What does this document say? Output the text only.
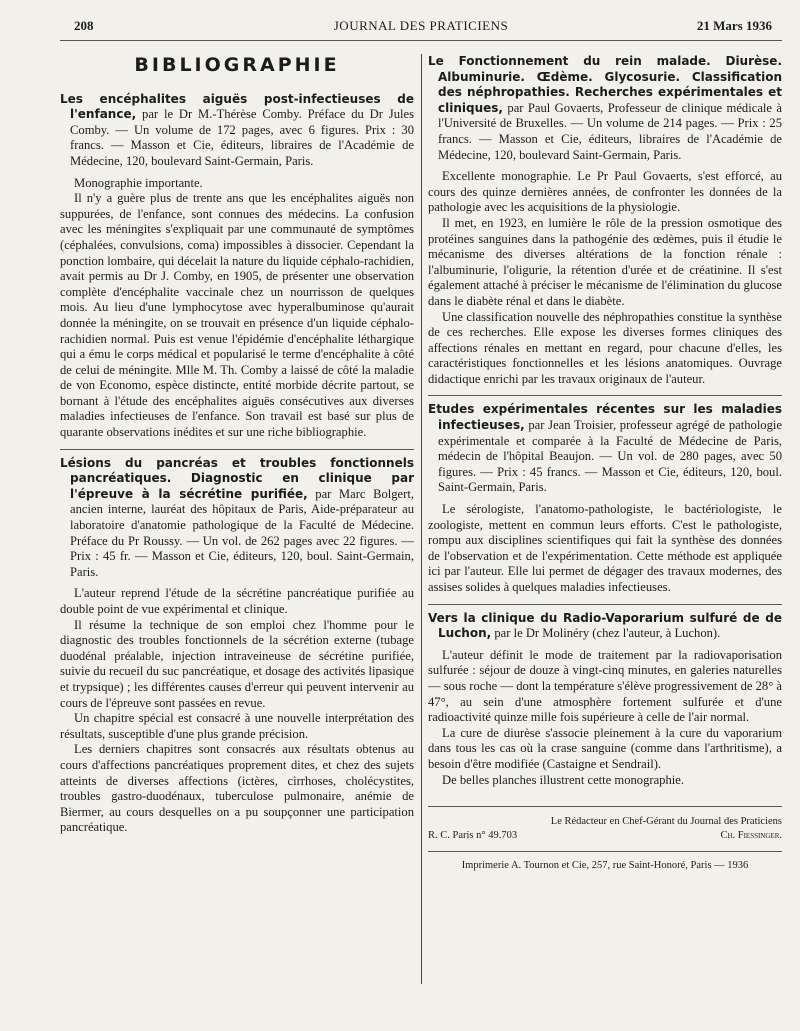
208	JOURNAL DES PRATICIENS	21 Mars 1936
BIBLIOGRAPHIE
Les encéphalites aiguës post-infectieuses de l'enfance, par le Dr M.-Thérèse Comby. Préface du Dr Jules Comby. — Un volume de 172 pages, avec 6 figures. Prix : 30 francs. — Masson et Cie, éditeurs, libraires de l'Académie de Médecine, 120, boulevard Saint-Germain, Paris.

Monographie importante.

Il n'y a guère plus de trente ans que les encéphalites aiguës non suppurées, de l'enfance, sont connues des médecins. La confusion avec les méningites s'expliquait par une communauté de symptômes (céphalées, convulsions, coma) impossibles à dissocier. Cependant la ponction lombaire, qui décelait la nature du liquide céphalo-rachidien, avait permis au Dr J. Comby, en 1905, de présenter une observation complète d'encéphalite vaccinale chez un nourrisson de quelques mois. Au lieu d'une lymphocytose avec hyperalbuminose qu'aurait donnée la méningite, on se trouvait en présence d'un liquide céphalo-rachidien normal. Puis est venue l'épidémie d'encéphalite léthargique qui a ému le corps médical et popularisé le terme d'encéphalite à côté de celui de méningite. Mlle M. Th. Comby a laissé de côté la maladie de von Economo, espèce distincte, entité morbide décrite partout, se bornant à l'étude des encéphalites aiguës consécutives aux diverses maladies infectieuses de l'enfance. Son travail est basé sur plus de quarante observations inédites et sur une riche bibliographie.

Lésions du pancréas et troubles fonctionnels pancréatiques. Diagnostic en clinique par l'épreuve à la sécrétine purifiée, par Marc Bolgert, ancien interne, lauréat des hôpitaux de Paris, Aide-préparateur au laboratoire d'anatomie pathologique de la Faculté de Médecine. Préface du Pr Roussy. — Un vol. de 262 pages avec 22 figures. — Prix : 45 fr. — Masson et Cie, éditeurs, 120, boul. Saint-Germain, Paris.

L'auteur reprend l'étude de la sécrétine pancréatique purifiée au double point de vue expérimental et clinique.

Il résume la technique de son emploi chez l'homme pour le diagnostic des troubles fonctionnels de la sécrétion externe (tubage duodénal préalable, injection intraveineuse de sécrétine purifiée, suivie du recueil du suc pancréatique, et dosage des activités lipasique et trypsique) ; les différentes causes d'erreur qui peuvent intervenir au cours de l'épreuve sont passées en revue.

Un chapitre spécial est consacré à une nouvelle interprétation des résultats, susceptible d'une plus grande précision.

Les derniers chapitres sont consacrés aux résultats obtenus au cours d'affections pancréatiques proprement dites, et chez des sujets atteints de diverses affections (ictères, cirrhoses, cholécystites, troubles gastro-duodénaux, tuberculose pulmonaire, anémie de Biermer, au cours desquelles on a pu soupçonner une participation pancréatique.

Le Fonctionnement du rein malade. Diurèse. Albuminurie. Œdème. Glycosurie. Classification des néphropathies. Recherches expérimentales et cliniques, par Paul Govaerts, Professeur de clinique médicale à l'Université de Bruxelles. — Un volume de 214 pages. — Prix : 25 francs. — Masson et Cie, éditeurs, libraires de l'Académie de Médecine, 120, boulevard Saint-Germain, Paris.

Excellente monographie. Le Pr Paul Govaerts, s'est efforcé, au cours des quinze dernières années, de confronter les données de la pathologie avec les acquisitions de la physiologie.

Il met, en 1923, en lumière le rôle de la pression osmotique des protéines sanguines dans la pathogénie des œdèmes, puis il étudie le mécanisme des diverses altérations de la fonction rénale : l'albuminurie, l'oligurie, la rétention d'urée et de créatinine. Il s'est également attaché à préciser le mécanisme de l'élimination du glucose dans le diabète rénal et dans le diabète.

Une classification nouvelle des néphropathies constitue la synthèse de ces recherches. Elle expose les diverses formes cliniques des affections rénales en mettant en regard, pour chacune d'elles, les caractéristiques fonctionnelles et les lésions anatomiques. Ouvrage didactique enrichi par les travaux originaux de l'auteur.

Etudes expérimentales récentes sur les maladies infectieuses, par Jean Troisier, professeur agrégé de pathologie expérimentale et comparée à la Faculté de Médecine de Paris, médecin de l'hôpital Beaujon. — Un vol. de 280 pages, avec 50 figures. — Prix : 45 francs. — Masson et Cie, éditeurs, 120, boul. Saint-Germain, Paris.

Le sérologiste, l'anatomo-pathologiste, le bactériologiste, le zoologiste, mettent en commun leurs efforts. C'est le pathologiste, rompu aux disciplines scientifiques qui fait la synthèse des données de l'observation et de l'expérimentation. Cette méthode est appliquée ici par l'auteur. Elle lui permet de dégager des travaux modernes, des assises solides à quelques maladies infectieuses.

Vers la clinique du Radio-Vaporarium sulfuré de de Luchon, par le Dr Molinéry (chez l'auteur, à Luchon).

L'auteur définit le mode de traitement par la radiovaporisation sulfurée : séjour de douze à vingt-cinq minutes, en galeries naturelles — sous roche — dont la température s'élève progressivement de 28° à 47°, au sein d'une atmosphère fortement sulfurée et d'une radioactivité quinze mille fois supérieure à celle de l'air normal.

La cure de diurèse s'associe pleinement à la cure du vaporarium dans tous les cas où la crase sanguine (comme dans l'arthritisme), a besoin d'être modifiée (Castaigne et Sendrail).

De belles planches illustrent cette monographie.

Le Rédacteur en Chef-Gérant du Journal des Praticiens
R. C. Paris n° 49.703	Ch. Fiessinger.
Imprimerie A. Tournon et Cie, 257, rue Saint-Honoré, Paris — 1936
